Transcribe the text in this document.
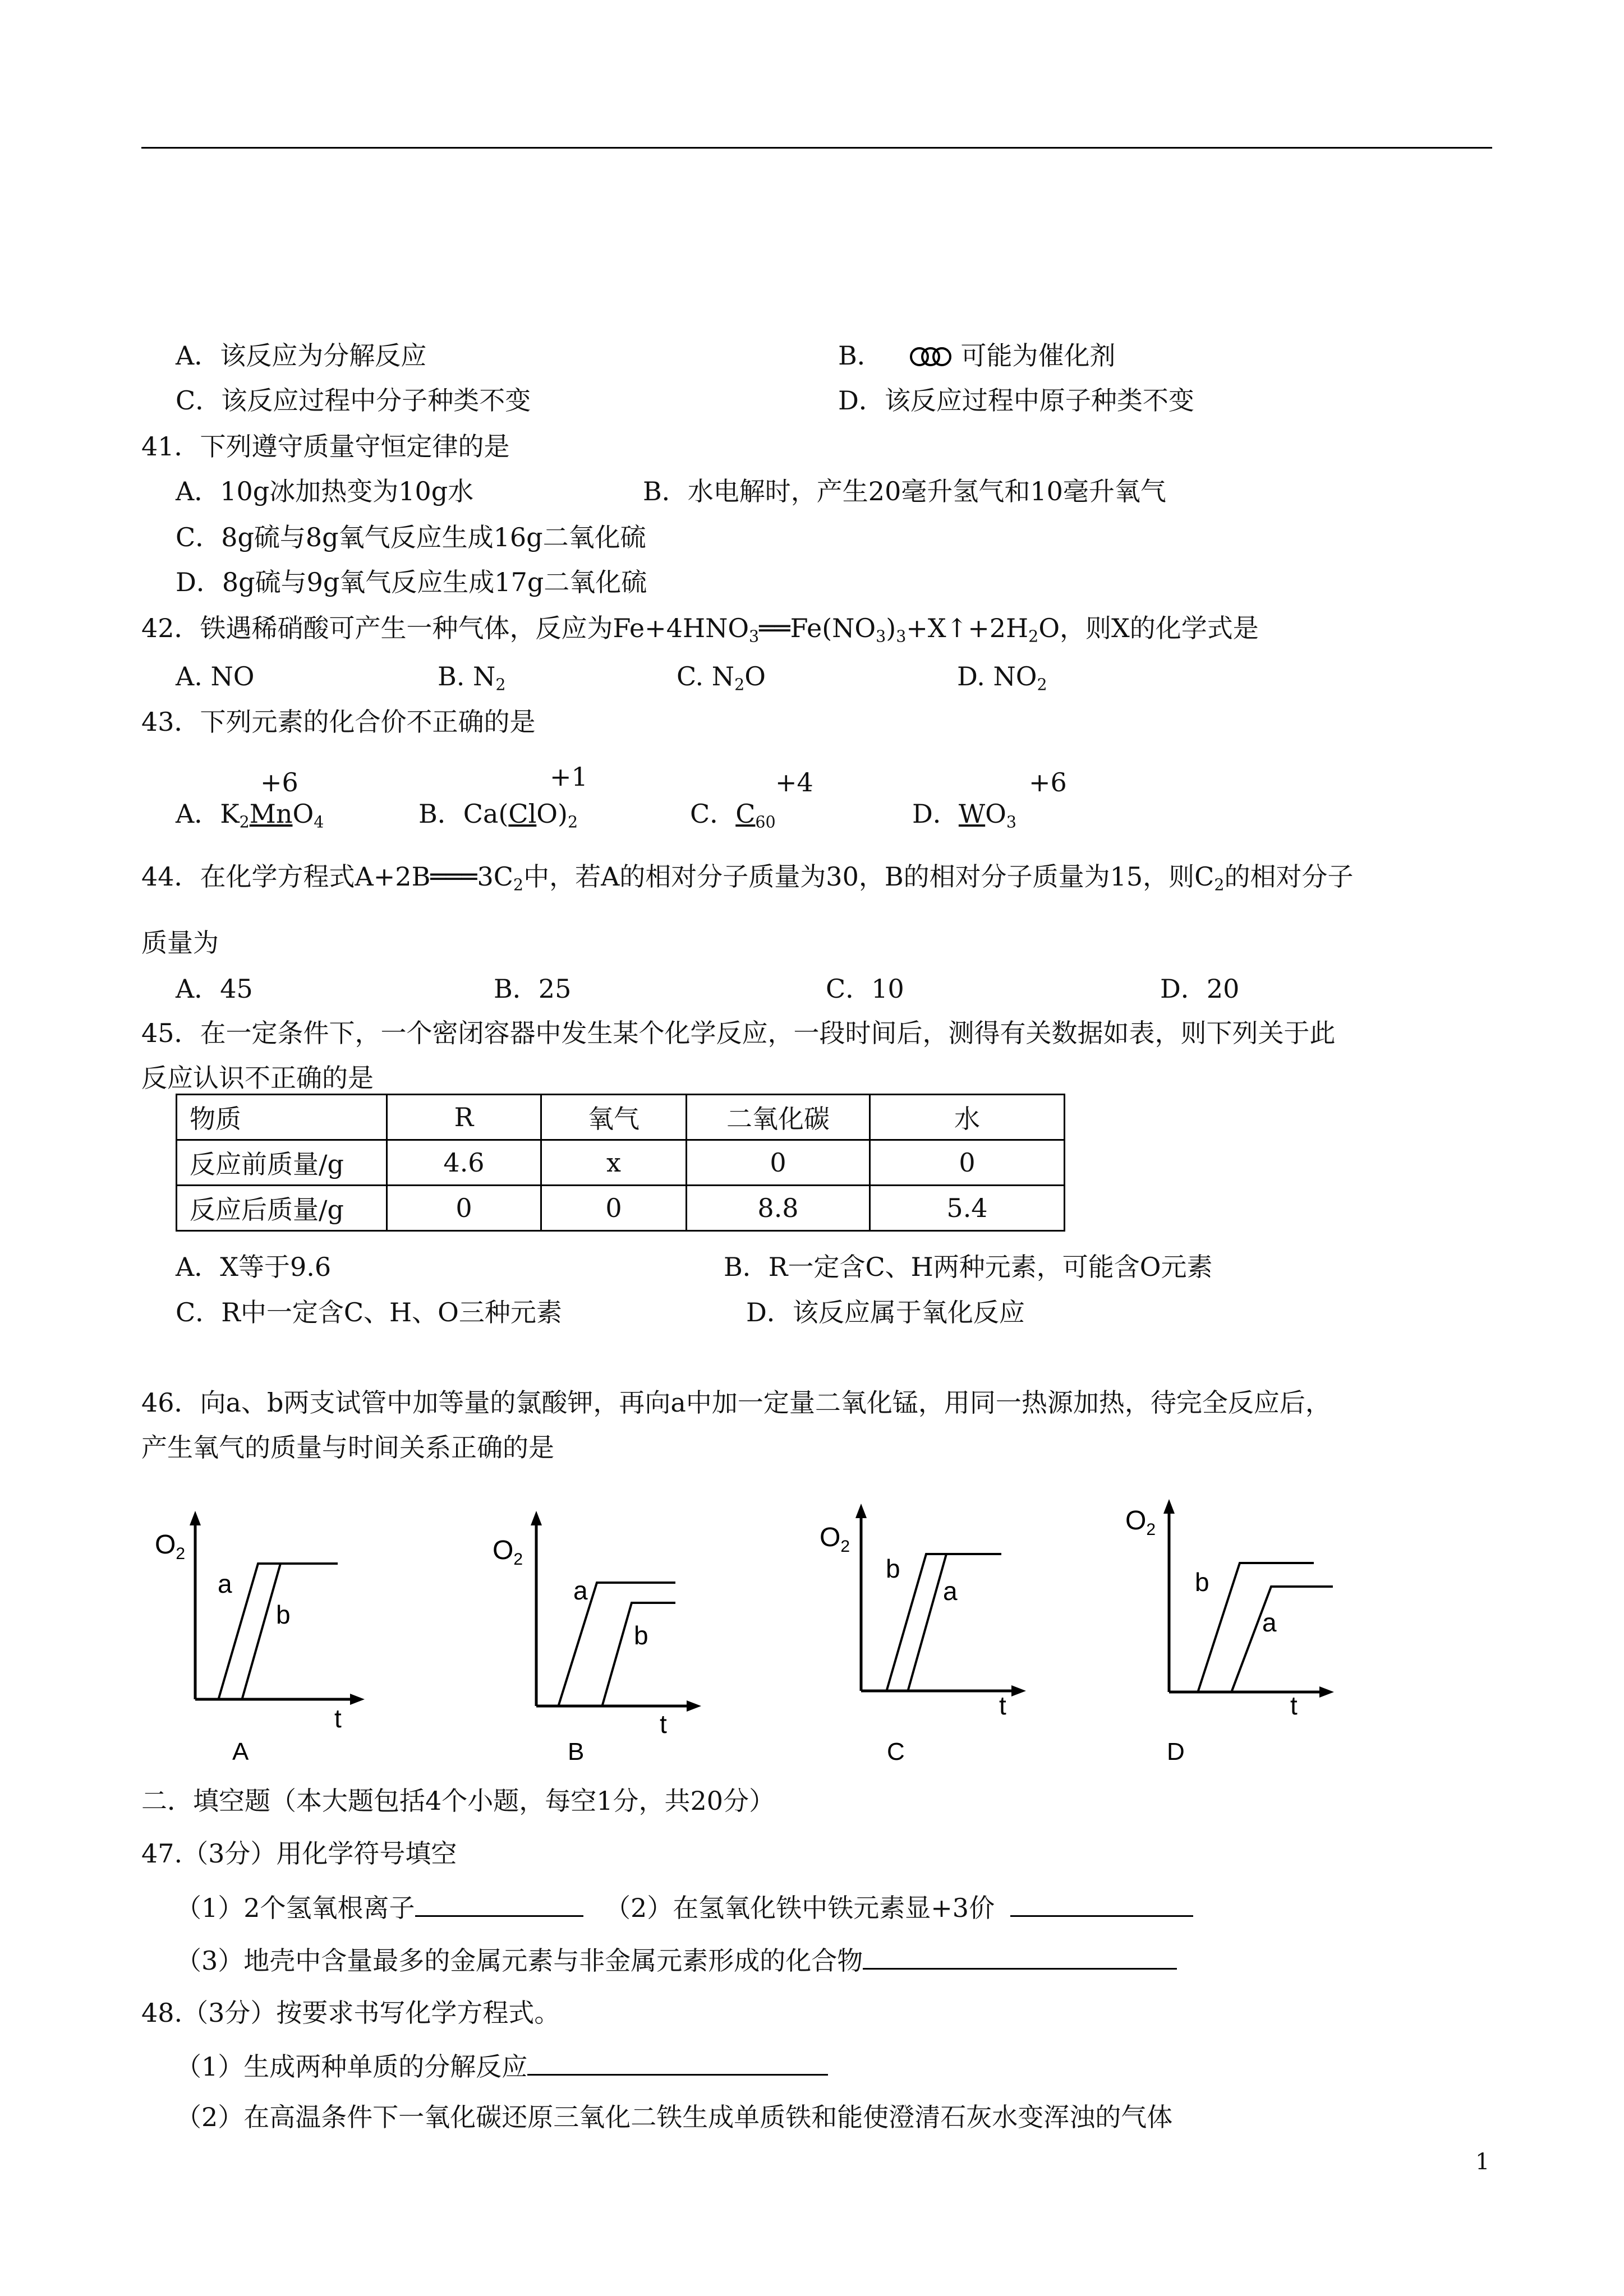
A．该反应为分解反应	B．	可能为催化剂
C．该反应过程中分子种类不变	D．该反应过程中原子种类不变
41．下列遵守质量守恒定律的是
A．10g冰加热变为10g水	B．水电解时，产生20毫升氢气和10毫升氧气
C．8g硫与8g氧气反应生成16g二氧化硫
D．8g硫与9g氧气反应生成17g二氧化硫
42．铁遇稀硝酸可产生一种气体，反应为$Fe+4HNO_3══Fe(NO_3)_3+X↑+2H_2O$，则X的化学式是
A. NO	B. $N_2$	C. $N_2O$	D. $NO_2$
43．下列元素的化合价不正确的是
+6	+1	+4	+6
A．$K_2MnO_4$	B．$Ca(ClO)_2$	C．$C_{60}$	D．$WO_3$
44．在化学方程式$A+2B═══3C_2$中，若A的相对分子质量为30，B的相对分子质量为15，则$C_2$的相对分子
质量为
A．45	B．25	C．10	D．20
45．在一定条件下，一个密闭容器中发生某个化学反应，一段时间后，测得有关数据如表，则下列关于此
反应认识不正确的是
物质	R	氧气	二氧化碳	水
反应前质量/g	4.6	x	0	0
反应后质量/g	0	0	8.8	5.4
A．X等于9.6	B．R一定含C、H两种元素，可能含O元素
C．R中一定含C、H、O三种元素	D．该反应属于氧化反应
46．向a、b两支试管中加等量的氯酸钾，再向a中加一定量二氧化锰，用同一热源加热，待完全反应后，
产生氧气的质量与时间关系正确的是
$O_2$
a
b
t
A
$O_2$
a
b
t
B
$O_2$
b
a
t
C
$O_2$
b
a
t
D
二．填空题（本大题包括4个小题，每空1分，共20分）
47.（3分）用化学符号填空
（1）2个氢氧根离子	（2）在氢氧化铁中铁元素显+3价
（3）地壳中含量最多的金属元素与非金属元素形成的化合物
48.（3分）按要求书写化学方程式。
（1）生成两种单质的分解反应
（2）在高温条件下一氧化碳还原三氧化二铁生成单质铁和能使澄清石灰水变浑浊的气体
1
